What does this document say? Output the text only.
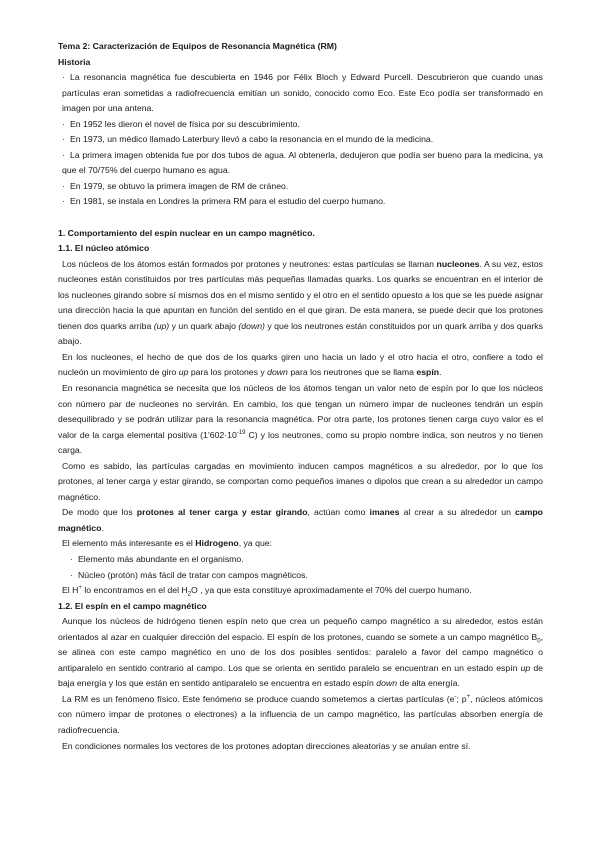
Tema 2: Caracterización de Equipos de Resonancia Magnética (RM)
Historia
· La resonancia magnética fue descubierta en 1946 por Félix Bloch y Edward Purcell. Descubrieron que cuando unas partículas eran sometidas a radiofrecuencia emitían un sonido, conocido como Eco. Este Eco podía ser transformado en imagen por una antena.
· En 1952 les dieron el novel de física por su descubrimiento.
· En 1973, un médico llamado Laterbury llevó a cabo la resonancia en el mundo de la medicina.
· La primera imagen obtenida fue por dos tubos de agua. Al obtenerla, dedujeron que podía ser bueno para la medicina, ya que el 70/75% del cuerpo humano es agua.
· En 1979, se obtuvo la primera imagen de RM de cráneo.
· En 1981, se instala en Londres la primera RM para el estudio del cuerpo humano.
1. Comportamiento del espín nuclear en un campo magnético.
1.1. El núcleo atómico

Los núcleos de los átomos están formados por protones y neutrones: estas partículas se llaman nucleones. A su vez, estos nucleones están constituidos por tres partículas más pequeñas llamadas quarks. Los quarks se encuentran en el interior de los nucleones girando sobre sí mismos dos en el mismo sentido y el otro en el sentido opuesto a los que se les puede asignar una dirección hacia la que apuntan en función del sentido en el que giran. De esta manera, se puede decir que los protones tienen dos quarks arriba (up) y un quark abajo (down) y que los neutrones están constituidos por un quark arriba y dos quarks abajo.

En los nucleones, el hecho de que dos de los quarks giren uno hacia un lado y el otro hacia el otro, confiere a todo el nucleón un movimiento de giro up para los protones y down para los neutrones que se llama espín.

En resonancia magnética se necesita que los núcleos de los átomos tengan un valor neto de espín por lo que los núcleos con número par de nucleones no servirán. En cambio, los que tengan un número impar de nucleones tendrán un espín desequilibrado y se podrán utilizar para la resonancia magnética. Por otra parte, los protones tienen carga cuyo valor es el valor de la carga elemental positiva ($1’602\cdot 10^{-19}$ C) y los neutrones, como su propio nombre indica, son neutros y no tienen carga.

Como es sabido, las partículas cargadas en movimiento inducen campos magnéticos a su alrededor, por lo que los protones, al tener carga y estar girando, se comportan como pequeños imanes o dipolos que crean a su alrededor un campo magnético.

De modo que los protones al tener carga y estar girando, actúan como imanes al crear a su alrededor un campo magnético.

El elemento más interesante es el Hidrogeno, ya que:

· Elemento más abundante en el organismo.
· Núcleo (protón) más fácil de tratar con campos magnéticos.

El H+ lo encontramos en el del $H_2O$ , ya que esta constituye aproximadamente el 70% del cuerpo humano.

1.2. El espín en el campo magnético

Aunque los núcleos de hidrógeno tienen espín neto que crea un pequeño campo magnético a su alrededor, estos están orientados al azar en cualquier dirección del espacio. El espín de los protones, cuando se somete a un campo magnético $B_0$, se alinea con este campo magnético en uno de los dos posibles sentidos: paralelo a favor del campo magnético o antiparalelo en sentido contrario al campo. Los que se orienta en sentido paralelo se encuentran en un estado espín up de baja energía y los que están en sentido antiparalelo se encuentra en estado espín down de alta energía.

La RM es un fenómeno físico. Este fenómeno se produce cuando sometemos a ciertas partículas (e-; p+, núcleos atómicos con número impar de protones o electrones) a la influencia de un campo magnético, las partículas absorben energía de radiofrecuencia.

En condiciones normales los vectores de los protones adoptan direcciones aleatorias y se anulan entre sí.
